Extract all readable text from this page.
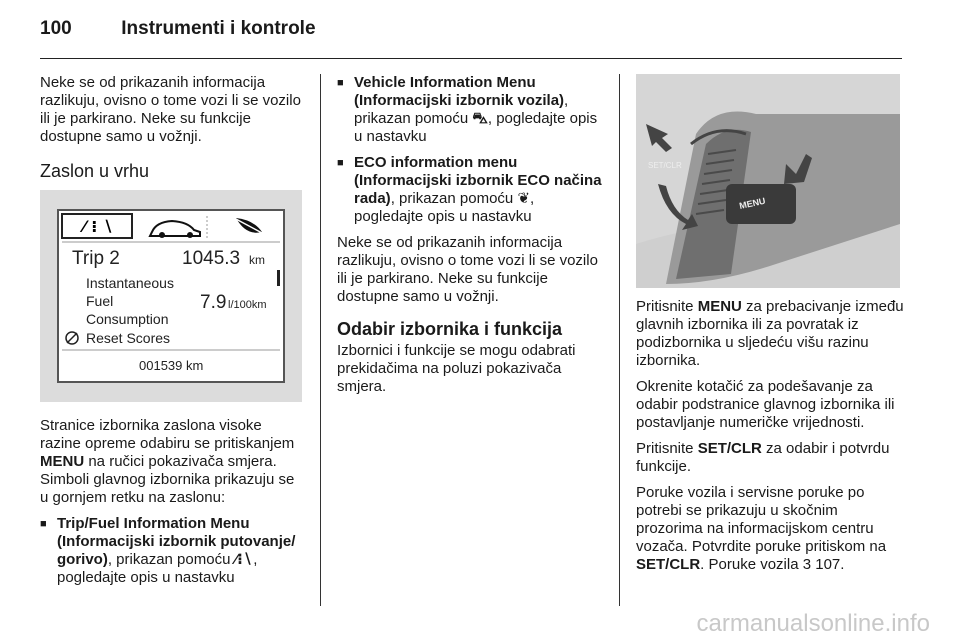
100	Instrumenti i kontrole

Neke se od prikazanih informacija razlikuju, ovisno o tome vozi li se vozilo ili je parkirano. Neke su funkcije dostupne samo u vožnji.

Zaslon u vrhu
⁄ ⁝ ∖
Trip 2	1045.3 km
Instantaneous
Fuel
Consumption
7.9 l/100km
Reset Scores
001539 km

Stranice izbornika zaslona visoke razine opreme odabiru se pritiskanjem MENU na ručici pokazivača smjera. Simboli glavnog izbornika prikazuju se u gornjem retku na zaslonu:

■ Trip/Fuel Information Menu (Informacijski izbornik putovanje/ gorivo), prikazan pomoću ⁄⁝∖, pogledajte opis u nastavku
■ Vehicle Information Menu (Informacijski izbornik vozila), prikazan pomoću ⛍, pogledajte opis u nastavku
■ ECO information menu (Informacijski izbornik ECO načina rada), prikazan pomoću ❦, pogledajte opis u nastavku

Neke se od prikazanih informacija razlikuju, ovisno o tome vozi li se vozilo ili je parkirano. Neke su funkcije dostupne samo u vožnji.

Odabir izbornika i funkcija

Izbornici i funkcije se mogu odabrati prekidačima na poluzi pokazivača smjera.

MENU
SET/CLR

Pritisnite MENU za prebacivanje između glavnih izbornika ili za povratak iz podizbornika u sljedeću višu razinu izbornika.

Okrenite kotačić za podešavanje za odabir podstranice glavnog izbornika ili postavljanje numeričke vrijednosti.

Pritisnite SET/CLR za odabir i potvrdu funkcije.

Poruke vozila i servisne poruke po potrebi se prikazuju u skočnim prozorima na informacijskom centru vozača. Potvrdite poruke pritiskom na SET/CLR. Poruke vozila 3 107.

carmanualsonline.info
